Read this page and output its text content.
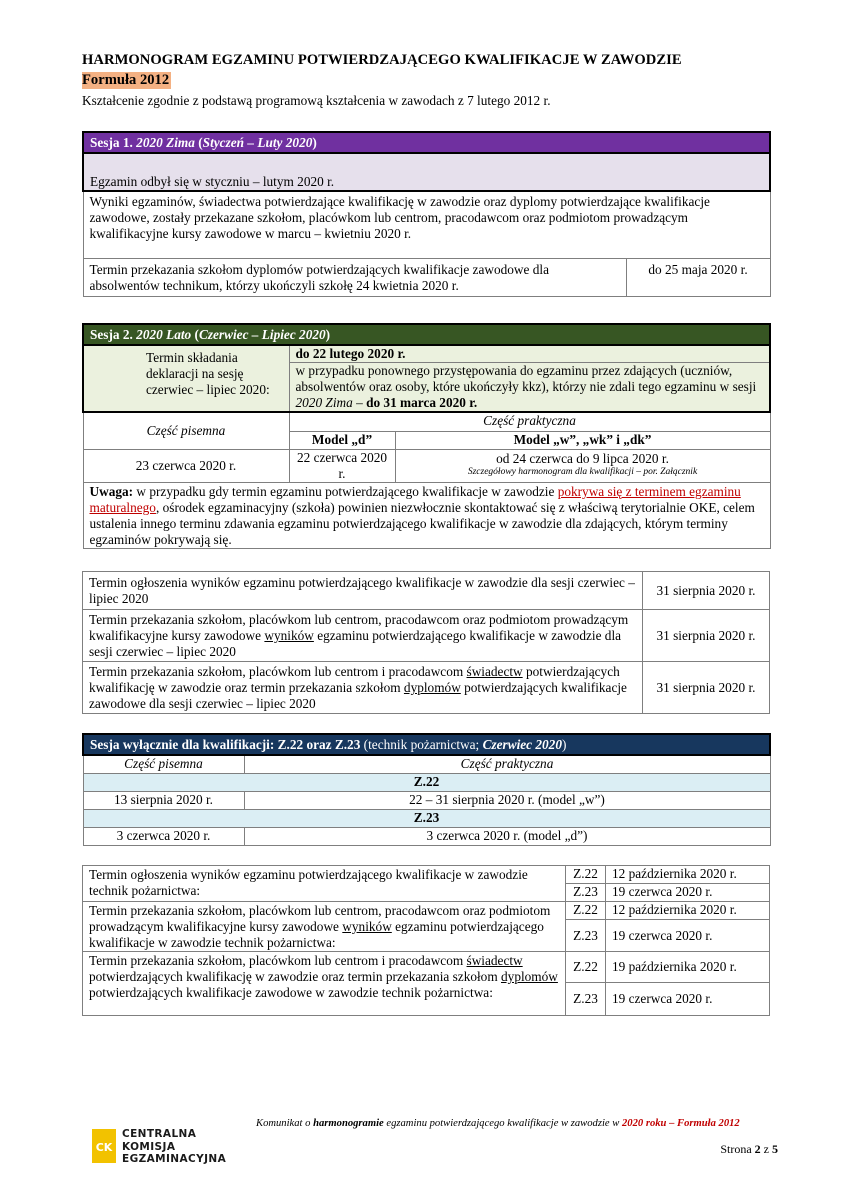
HARMONOGRAM EGZAMINU POTWIERDZAJĄCEGO KWALIFIKACJE W ZAWODZIE
Formuła 2012
Kształcenie zgodnie z podstawą programową kształcenia w zawodach z 7 lutego 2012 r.
Sesja 1. 2020 Zima (Styczeń – Luty 2020)
Egzamin odbył się w styczniu – lutym 2020 r.
Wyniki egzaminów, świadectwa potwierdzające kwalifikację w zawodzie oraz dyplomy potwierdzające kwalifikacje zawodowe, zostały przekazane szkołom, placówkom lub centrom, pracodawcom oraz podmiotom prowadzącym kwalifikacyjne kursy zawodowe w marcu – kwietniu 2020 r.
Termin przekazania szkołom dyplomów potwierdzających kwalifikacje zawodowe dla absolwentów technikum, którzy ukończyli szkołę 24 kwietnia 2020 r.	do 25 maja 2020 r.
Sesja 2. 2020 Lato (Czerwiec – Lipiec 2020)		
Termin składania deklaracji na sesję czerwiec – lipiec 2020:	do 22 lutego 2020 r.	
	w przypadku ponownego przystępowania do egzaminu przez zdających (uczniów, absolwentów oraz osoby, które ukończyły kkz), którzy nie zdali tego egzaminu w sesji 2020 Zima – do 31 marca 2020 r.	
Część pisemna	Część praktyczna	
	Model „d”	Model „w”, „wk” i „dk”
23 czerwca 2020 r.	22 czerwca 2020 r.	od 24 czerwca do 9 lipca 2020 r.
Szczegółowy harmonogram dla kwalifikacji – por. Załącznik

Uwaga: w przypadku gdy termin egzaminu potwierdzającego kwalifikacje w zawodzie pokrywa się z terminem egzaminu maturalnego, ośrodek egzaminacyjny (szkoła) powinien niezwłocznie skontaktować się z właściwą terytorialnie OKE, celem ustalenia innego terminu zdawania egzaminu potwierdzającego kwalifikacje w zawodzie dla zdających, którym terminy egzaminów pokrywają się.		
Termin ogłoszenia wyników egzaminu potwierdzającego kwalifikacje w zawodzie dla sesji czerwiec – lipiec 2020	31 sierpnia 2020 r.
Termin przekazania szkołom, placówkom lub centrom, pracodawcom oraz podmiotom prowadzącym kwalifikacyjne kursy zawodowe wyników egzaminu potwierdzającego kwalifikacje w zawodzie dla sesji czerwiec – lipiec 2020	31 sierpnia 2020 r.
Termin przekazania szkołom, placówkom lub centrom i pracodawcom świadectw potwierdzających kwalifikację w zawodzie oraz termin przekazania szkołom dyplomów potwierdzających kwalifikacje zawodowe dla sesji czerwiec – lipiec 2020	31 sierpnia 2020 r.
Sesja wyłącznie dla kwalifikacji: Z.22 oraz Z.23 (technik pożarnictwa; Czerwiec 2020)	
Część pisemna	Część praktyczna
Z.22	
13 sierpnia 2020 r.	22 – 31 sierpnia 2020 r. (model „w”)
Z.23	
3 czerwca 2020 r.	3 czerwca 2020 r. (model „d”)
Termin ogłoszenia wyników egzaminu potwierdzającego kwalifikacje w zawodzie technik pożarnictwa:	Z.22	12 października 2020 r.
	Z.23	19 czerwca 2020 r.
Termin przekazania szkołom, placówkom lub centrom, pracodawcom oraz podmiotom prowadzącym kwalifikacyjne kursy zawodowe wyników egzaminu potwierdzającego kwalifikacje w zawodzie technik pożarnictwa:	Z.22	12 października 2020 r.
	Z.23	19 czerwca 2020 r.
Termin przekazania szkołom, placówkom lub centrom i pracodawcom świadectw potwierdzających kwalifikację w zawodzie oraz termin przekazania szkołom dyplomów potwierdzających kwalifikacje zawodowe w zawodzie technik pożarnictwa:	Z.22	19 października 2020 r.
	Z.23	19 czerwca 2020 r.
CK
CENTRALNA
KOMISJA
EGZAMINACYJNA
Komunikat o harmonogramie egzaminu potwierdzającego kwalifikacje w zawodzie w 2020 roku – Formuła 2012
Strona 2 z 5
